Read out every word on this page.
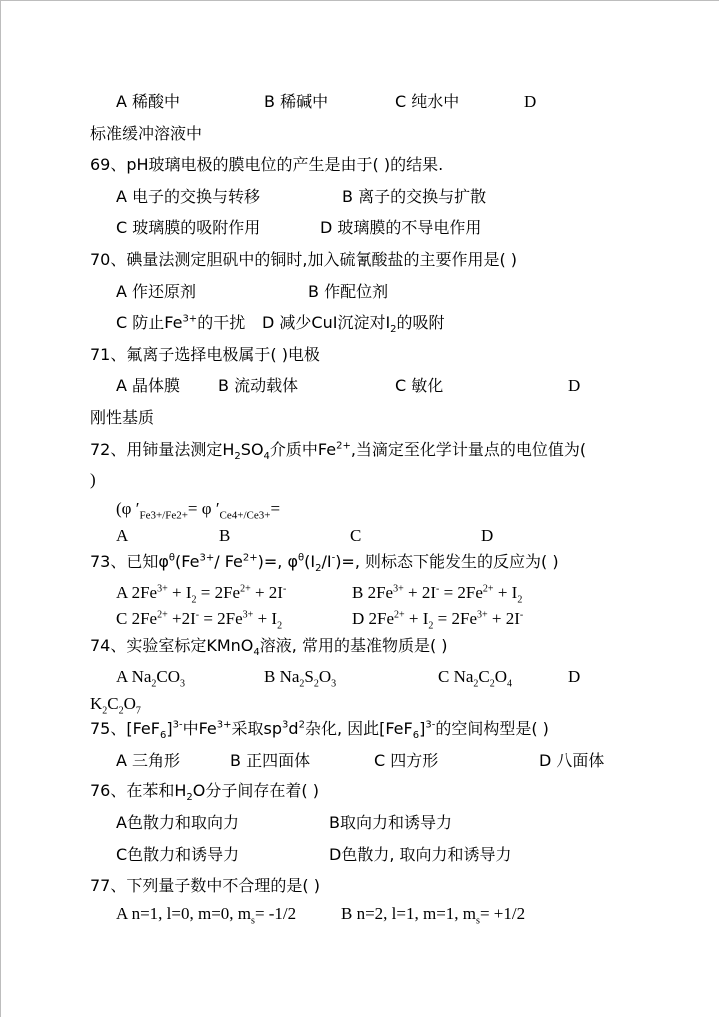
A 稀酸中	B 稀碱中	C 纯水中	D
标准缓冲溶液中
69、pH玻璃电极的膜电位的产生是由于( )的结果.
A 电子的交换与转移	B 离子的交换与扩散
C 玻璃膜的吸附作用	D 玻璃膜的不导电作用
70、碘量法测定胆矾中的铜时,加入硫氰酸盐的主要作用是( )
A 作还原剂	B 作配位剂
C 防止$Fe^{3+}$的干扰 D 减少CuI沉淀对$I_2$的吸附
71、氟离子选择电极属于( )电极
A 晶体膜 B 流动载体	C 敏化	D
刚性基质
72、用铈量法测定$H_2SO_4$介质中$Fe^{2+}$,当滴定至化学计量点的电位值为(
)
(φ $'_{Fe3+/Fe2+}= \varphi$ $'_{Ce4+/Ce3+}=$
A	B	C	D
73、已知$\varphi^\theta(Fe^{3+}/$ $Fe^{2+})=$, $\varphi^\theta(I_2/I^-)=$, 则标态下能发生的反应为( )
A $2Fe^{3+} + I_2 = 2Fe^{2+} + 2I^-$	B $2Fe^{3+} + 2I^- = 2Fe^{2+} + I_2$
C $2Fe^{2+} +2I^- = 2Fe^{3+} + I_2$	D $2Fe^{2+} + I_2 = 2Fe^{3+} + 2I^-$
74、实验室标定KMnO$_4$溶液, 常用的基准物质是( )
A $Na_2CO_3$	B $Na_2S_2O_3$	C $Na_2C_2O_4$	D
$K_2C_2O_7$
75、$[FeF_6]^{3-}$中$Fe^{3+}$采取$sp^3d^2$杂化, 因此$[FeF_6]^{3-}$的空间构型是( )
A 三角形	B 正四面体	C 四方形	D 八面体
76、在苯和$H_2O$分子间存在着( )
A色散力和取向力	B取向力和诱导力
C色散力和诱导力	D色散力, 取向力和诱导力
77、下列量子数中不合理的是( )
A n=1, l=0, m=0, $m_s= -1/2$	B n=2, l=1, m=1, $m_s= +1/2$
